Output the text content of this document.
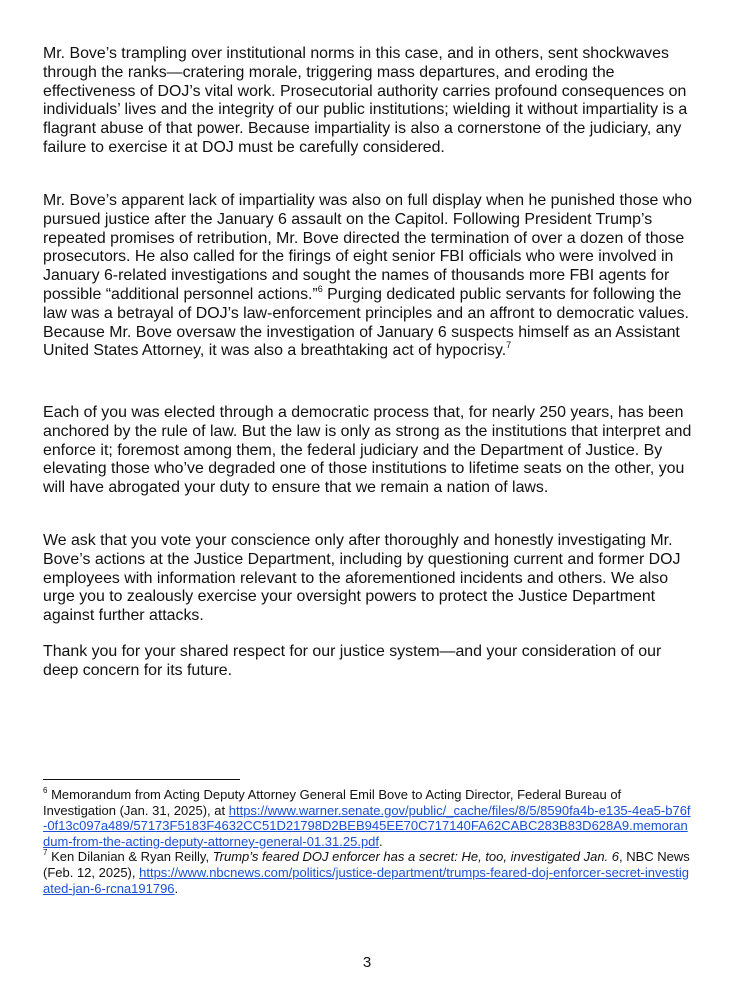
Mr. Bove’s trampling over institutional norms in this case, and in others, sent shockwaves through the ranks—cratering morale, triggering mass departures, and eroding the effectiveness of DOJ’s vital work. Prosecutorial authority carries profound consequences on individuals’ lives and the integrity of our public institutions; wielding it without impartiality is a flagrant abuse of that power. Because impartiality is also a cornerstone of the judiciary, any failure to exercise it at DOJ must be carefully considered.

Mr. Bove’s apparent lack of impartiality was also on full display when he punished those who pursued justice after the January 6 assault on the Capitol. Following President Trump’s repeated promises of retribution, Mr. Bove directed the termination of over a dozen of those prosecutors. He also called for the firings of eight senior FBI officials who were involved in January 6-related investigations and sought the names of thousands more FBI agents for possible “additional personnel actions.”$^6$ Purging dedicated public servants for following the law was a betrayal of DOJ’s law-enforcement principles and an affront to democratic values. Because Mr. Bove oversaw the investigation of January 6 suspects himself as an Assistant United States Attorney, it was also a breathtaking act of hypocrisy.$^7$

Each of you was elected through a democratic process that, for nearly 250 years, has been anchored by the rule of law. But the law is only as strong as the institutions that interpret and enforce it; foremost among them, the federal judiciary and the Department of Justice. By elevating those who’ve degraded one of those institutions to lifetime seats on the other, you will have abrogated your duty to ensure that we remain a nation of laws.

We ask that you vote your conscience only after thoroughly and honestly investigating Mr. Bove’s actions at the Justice Department, including by questioning current and former DOJ employees with information relevant to the aforementioned incidents and others. We also urge you to zealously exercise your oversight powers to protect the Justice Department against further attacks.

Thank you for your shared respect for our justice system—and your consideration of our deep concern for its future.

$^6$ Memorandum from Acting Deputy Attorney General Emil Bove to Acting Director, Federal Bureau of Investigation (Jan. 31, 2025), at https://www.warner.senate.gov/public/_cache/files/8/5/8590fa4b-e135-4ea5-b76f-0f13c097a489/57173F5183F4632CC51D21798D2BEB945EE70C717140FA62CABC283B83D628A9.memorandum-from-the-acting-deputy-attorney-general-01.31.25.pdf.

$^7$ Ken Dilanian & Ryan Reilly, Trump’s feared DOJ enforcer has a secret: He, too, investigated Jan. 6, NBC News (Feb. 12, 2025), https://www.nbcnews.com/politics/justice-department/trumps-feared-doj-enforcer-secret-investigated-jan-6-rcna191796.

3
